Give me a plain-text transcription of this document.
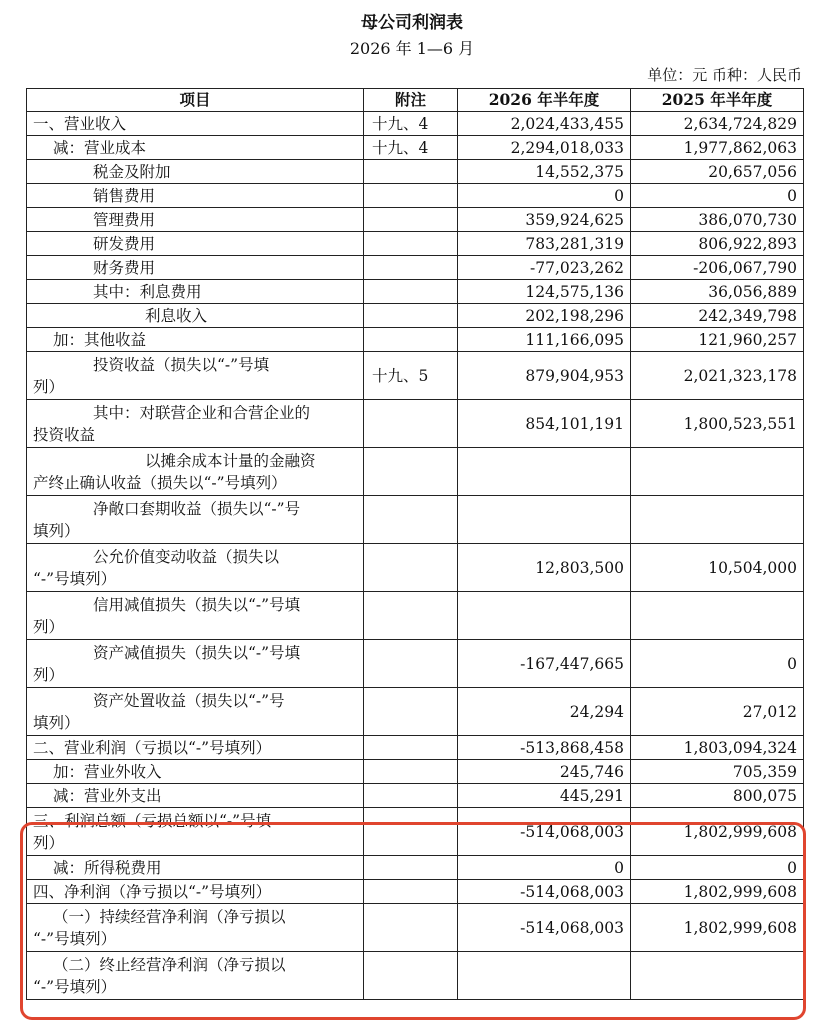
母公司利润表
2026 年 1—6 月
单位：元 币种：人民币
项目	附注	2026 年半年度	2025 年半年度

一、营业收入	十九、4	2,024,433,455	2,634,724,829

减：营业成本	十九、4	2,294,018,033	1,977,862,063

税金及附加		14,552,375	20,657,056

销售费用		0	0

管理费用		359,924,625	386,070,730

研发费用		783,281,319	806,922,893

财务费用		-77,023,262	-206,067,790

其中：利息费用		124,575,136	36,056,889

利息收入		202,198,296	242,349,798

加：其他收益		111,166,095	121,960,257

投资收益（损失以“-”号填
列）	十九、5	879,904,953	2,021,323,178

其中：对联营企业和合营企业的
投资收益		854,101,191	1,800,523,551

以摊余成本计量的金融资
产终止确认收益（损失以“-”号填列）			

净敞口套期收益（损失以“-”号
填列）			

公允价值变动收益（损失以
“-”号填列）		12,803,500	10,504,000

信用减值损失（损失以“-”号填
列）			

资产减值损失（损失以“-”号填
列）		-167,447,665	0

资产处置收益（损失以“-”号
填列）		24,294	27,012

二、营业利润（亏损以“-”号填列）		-513,868,458	1,803,094,324

加：营业外收入		245,746	705,359

减：营业外支出		445,291	800,075

三、利润总额（亏损总额以“-”号填
列）		-514,068,003	1,802,999,608

减：所得税费用		0	0

四、净利润（净亏损以“-”号填列）		-514,068,003	1,802,999,608

（一）持续经营净利润（净亏损以
“-”号填列）		-514,068,003	1,802,999,608

（二）终止经营净利润（净亏损以
“-”号填列）			
